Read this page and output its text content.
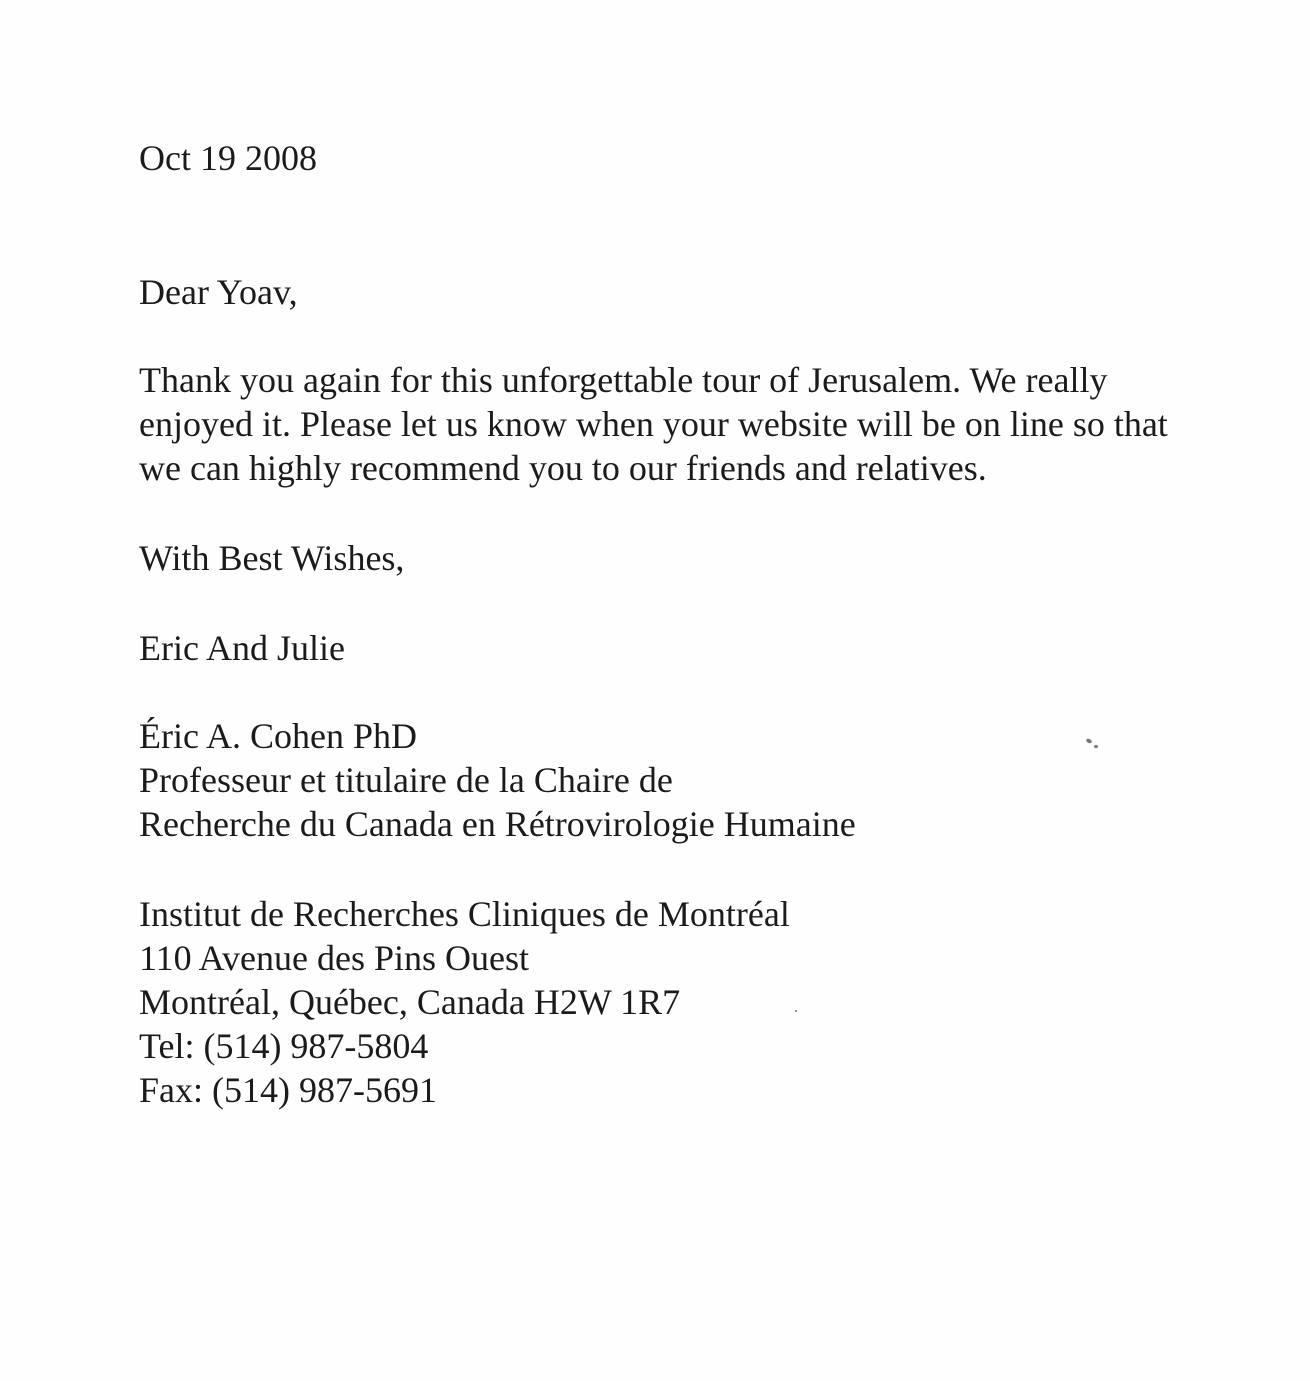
Oct 19 2008

Dear Yoav,

Thank you again for this unforgettable tour of Jerusalem. We really
enjoyed it. Please let us know when your website will be on line so that
we can highly recommend you to our friends and relatives.

With Best Wishes,

Eric And Julie

Éric A. Cohen PhD
Professeur et titulaire de la Chaire de
Recherche du Canada en Rétrovirologie Humaine

Institut de Recherches Cliniques de Montréal
110 Avenue des Pins Ouest
Montréal, Québec, Canada H2W 1R7
Tel: (514) 987-5804
Fax: (514) 987-5691
